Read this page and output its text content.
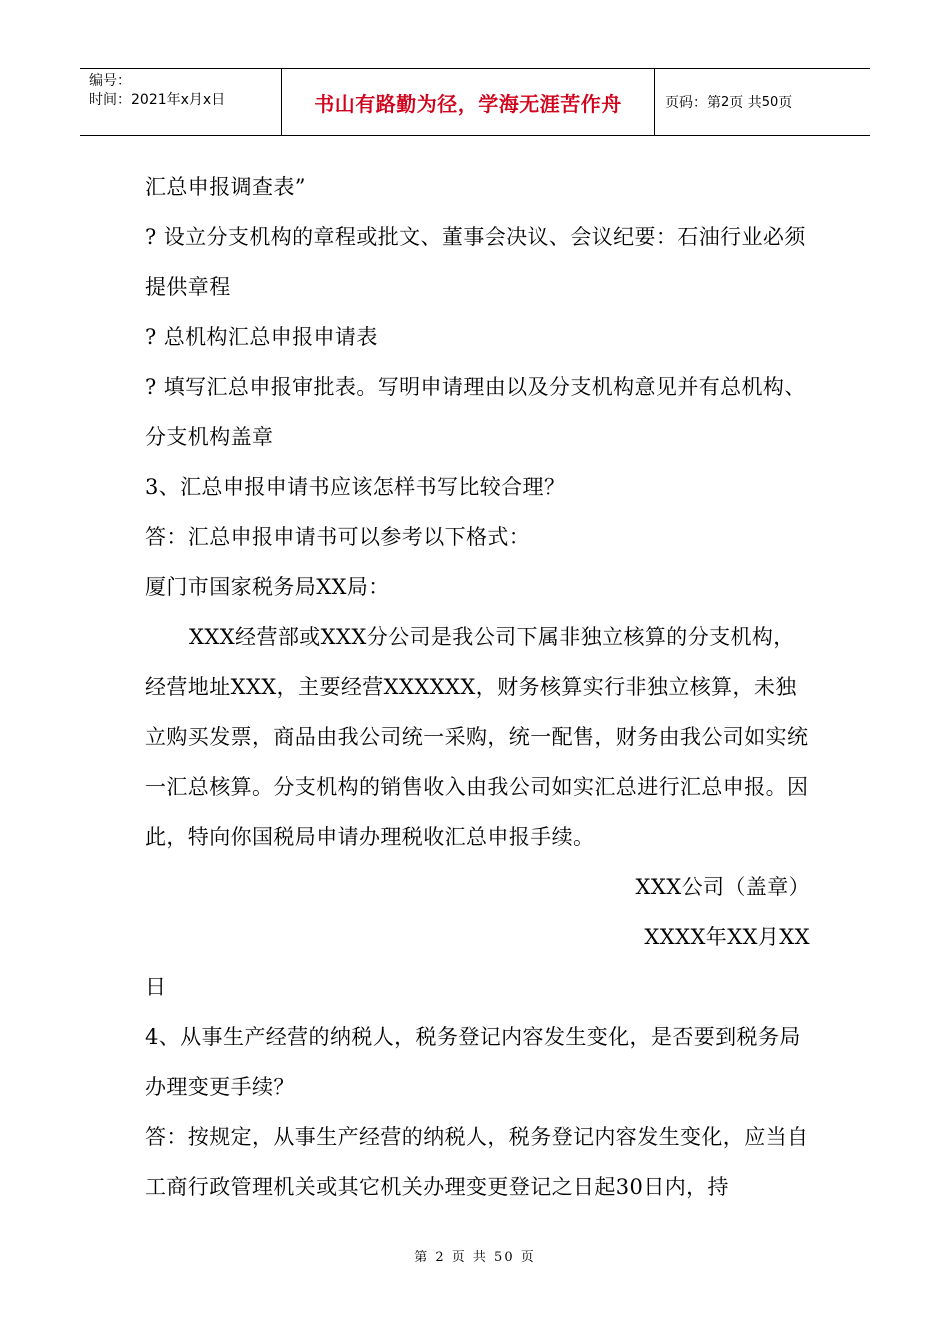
编号：
时间：2021年x月x日	书山有路勤为径，学海无涯苦作舟	页码：第 2 页 共 50 页

汇总申报调查表”

? 设立分支机构的章程或批文、董事会决议、会议纪要：石油行业必须提供章程

? 总机构汇总申报申请表

? 填写汇总申报审批表。写明申请理由以及分支机构意见并有总机构、分支机构盖章

3、汇总申报申请书应该怎样书写比较合理？

答：汇总申报申请书可以参考以下格式：

厦门市国家税务局XX局：

XXX经营部或XXX分公司是我公司下属非独立核算的分支机构，经营地址XXX，主要经营XXXXXX，财务核算实行非独立核算，未独立购买发票，商品由我公司统一采购，统一配售，财务由我公司如实统一汇总核算。分支机构的销售收入由我公司如实汇总进行汇总申报。因此，特向你国税局申请办理税收汇总申报手续。

XXX公司（盖章）

XXXX年XX月XX

日

4、从事生产经营的纳税人，税务登记内容发生变化，是否要到税务局办理变更手续？

答：按规定，从事生产经营的纳税人，税务登记内容发生变化，应当自工商行政管理机关或其它机关办理变更登记之日起30日内，持

第 2 页 共 50 页
